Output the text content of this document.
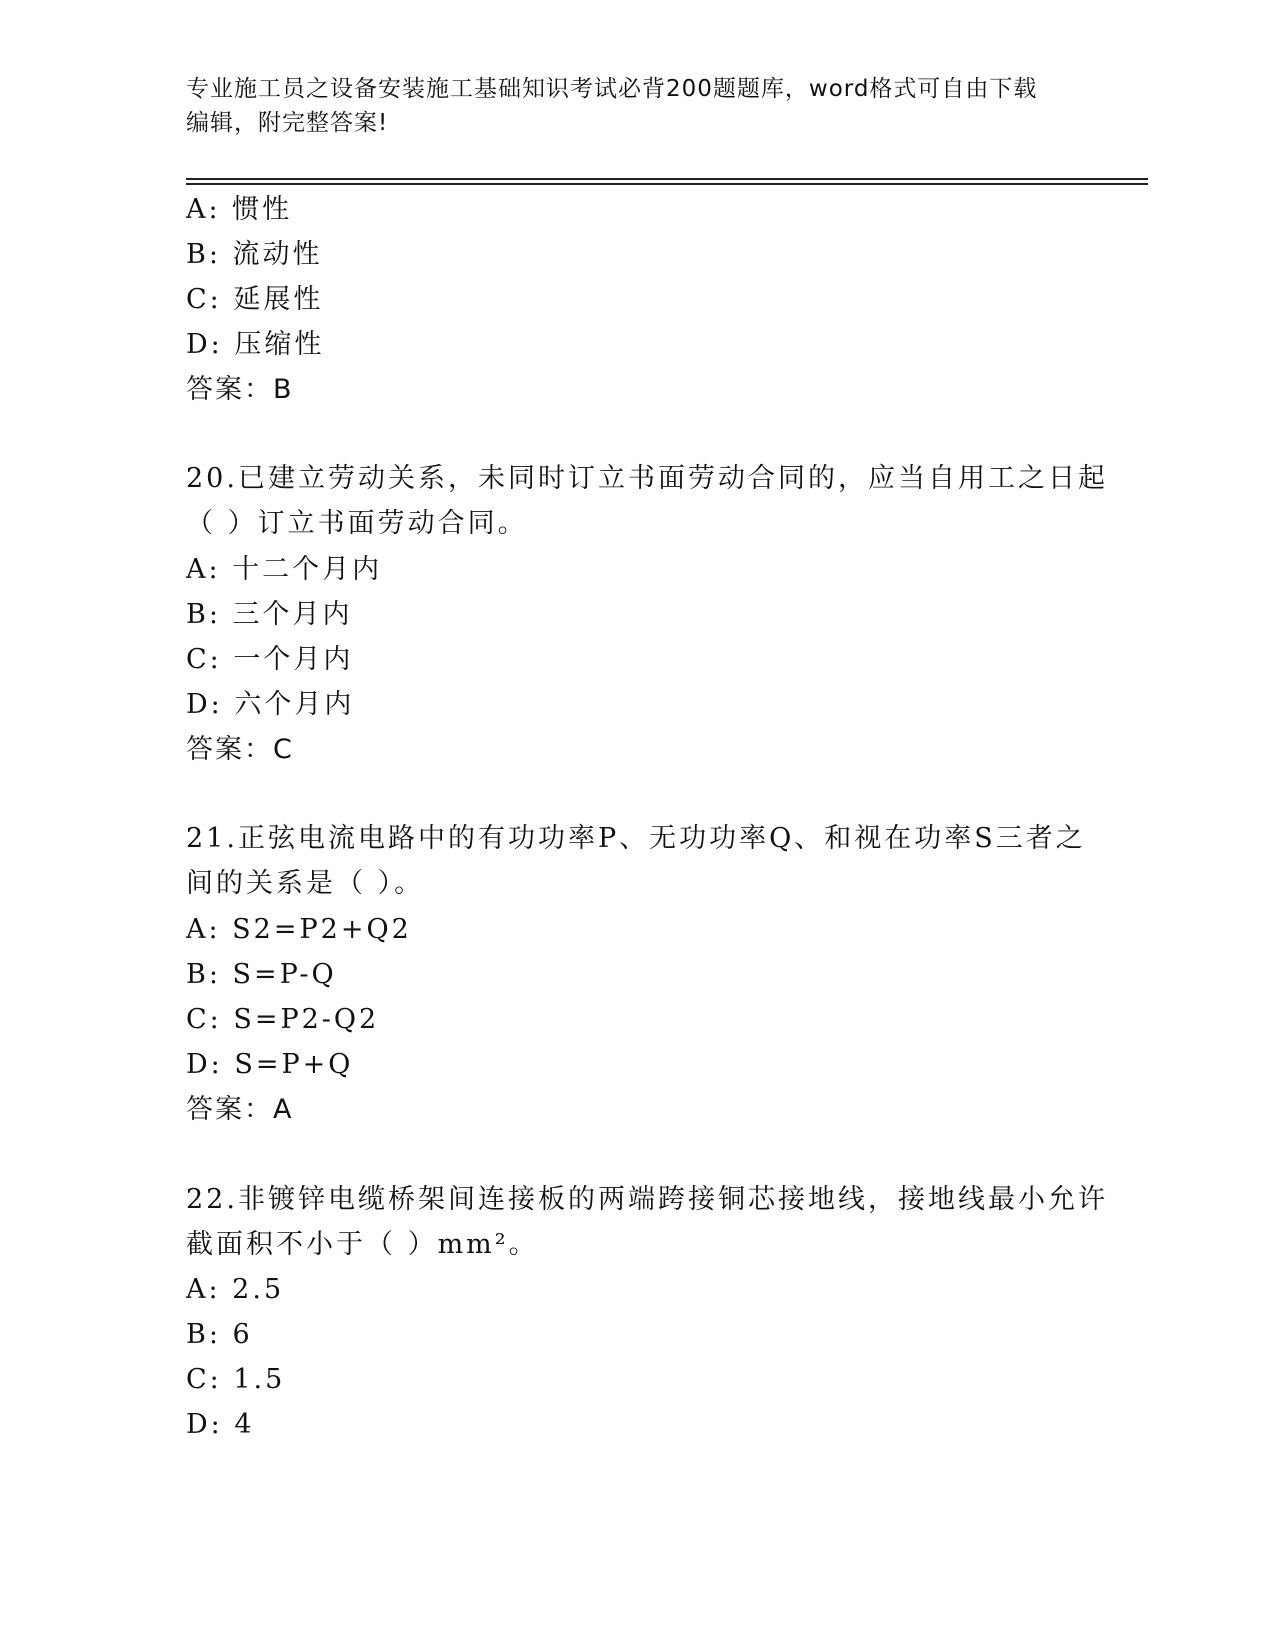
专业施工员之设备安装施工基础知识考试必背200题题库，word格式可自由下载
编辑，附完整答案!
A: 惯性
B: 流动性
C: 延展性
D: 压缩性
答案：B
20.已建立劳动关系，未同时订立书面劳动合同的，应当自用工之日起
（ ）订立书面劳动合同。
A: 十二个月内
B: 三个月内
C: 一个月内
D: 六个月内
答案：C
21.正弦电流电路中的有功功率P、无功功率Q、和视在功率S三者之
间的关系是（ ）。
A: S2=P2+Q2
B: S=P-Q
C: S=P2-Q2
D: S=P+Q
答案：A
22.非镀锌电缆桥架间连接板的两端跨接铜芯接地线，接地线最小允许
截面积不小于（ ）mm²。
A: 2.5
B: 6
C: 1.5
D: 4
